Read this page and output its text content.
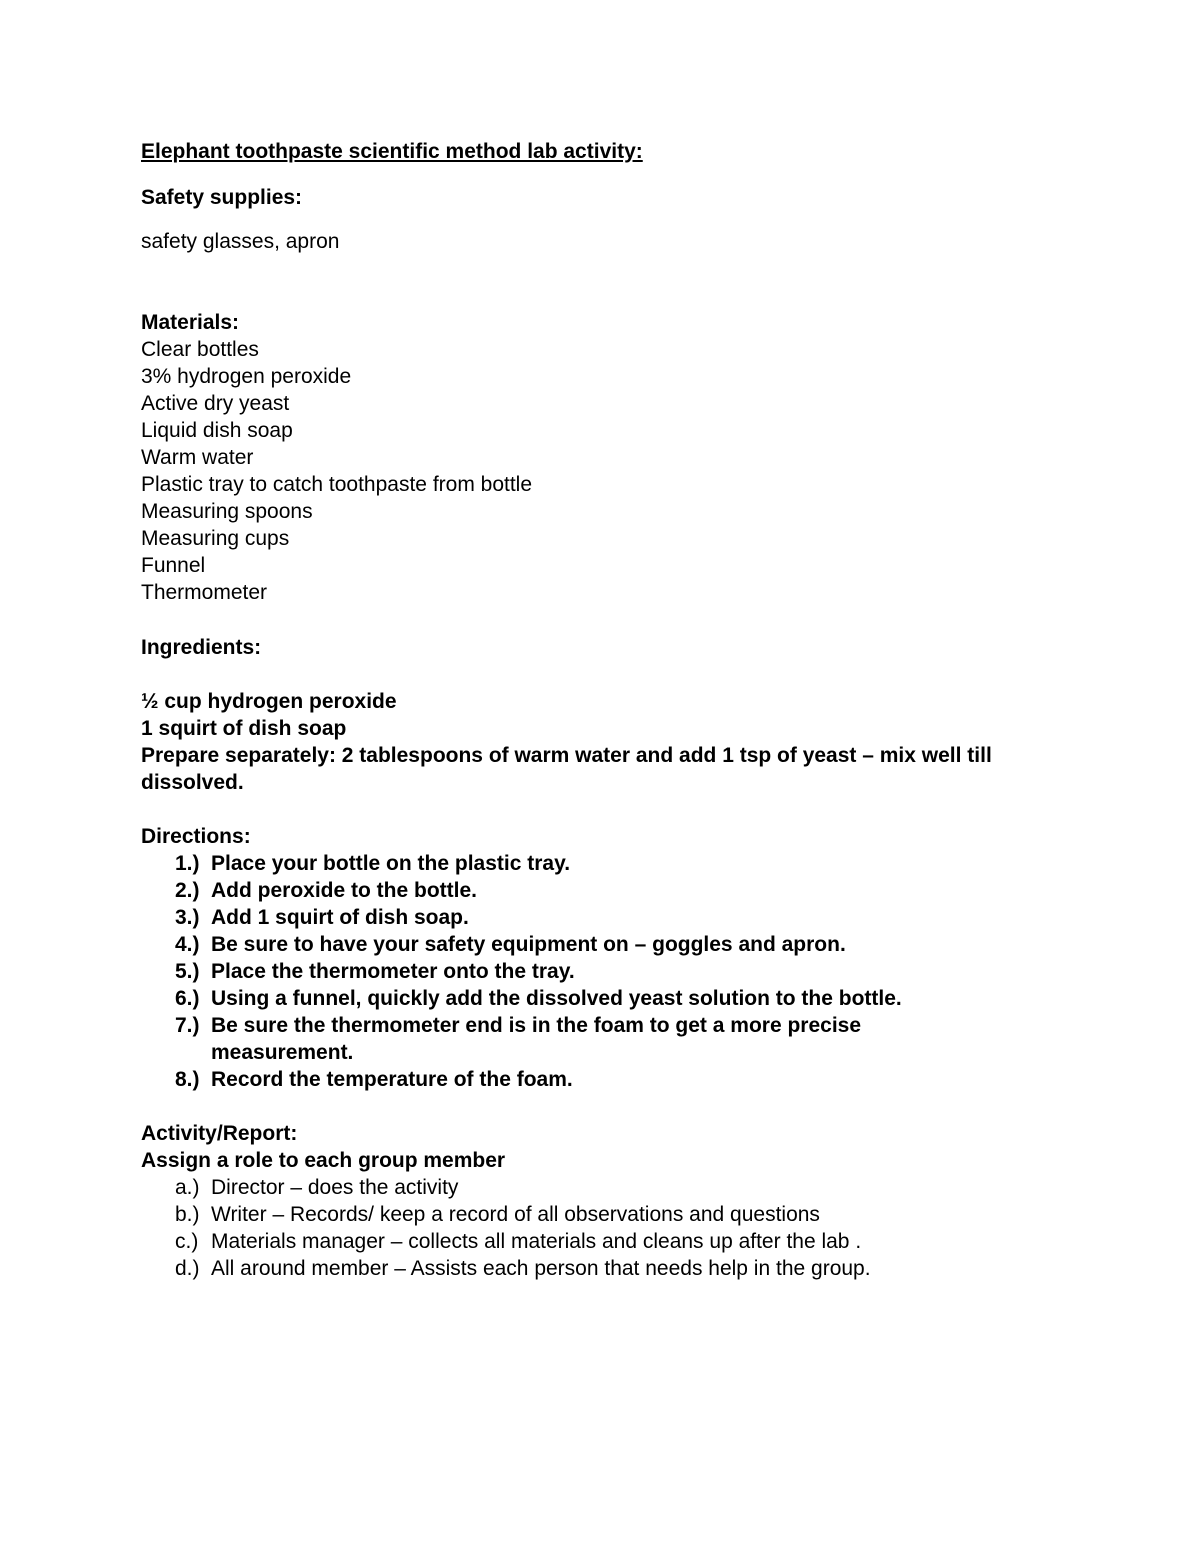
Elephant toothpaste scientific method lab activity:

Safety supplies:

safety glasses, apron

Materials:

Clear bottles
3% hydrogen peroxide
Active dry yeast
Liquid dish soap
Warm water
Plastic tray to catch toothpaste from bottle
Measuring spoons
Measuring cups
Funnel
Thermometer

Ingredients:

½ cup hydrogen peroxide
1 squirt of dish soap
Prepare separately: 2 tablespoons of warm water and add 1 tsp of yeast – mix well till dissolved.

Directions:

1.) Place your bottle on the plastic tray.
2.) Add peroxide to the bottle.
3.) Add 1 squirt of dish soap.
4.) Be sure to have your safety equipment on – goggles and apron.
5.) Place the thermometer onto the tray.
6.) Using a funnel, quickly add the dissolved yeast solution to the bottle.
7.) Be sure the thermometer end is in the foam to get a more precise measurement.
8.) Record the temperature of the foam.

Activity/Report:

Assign a role to each group member

a.) Director – does the activity
b.) Writer – Records/ keep a record of all observations and questions
c.) Materials manager – collects all materials and cleans up after the lab .
d.) All around member – Assists each person that needs help in the group.
